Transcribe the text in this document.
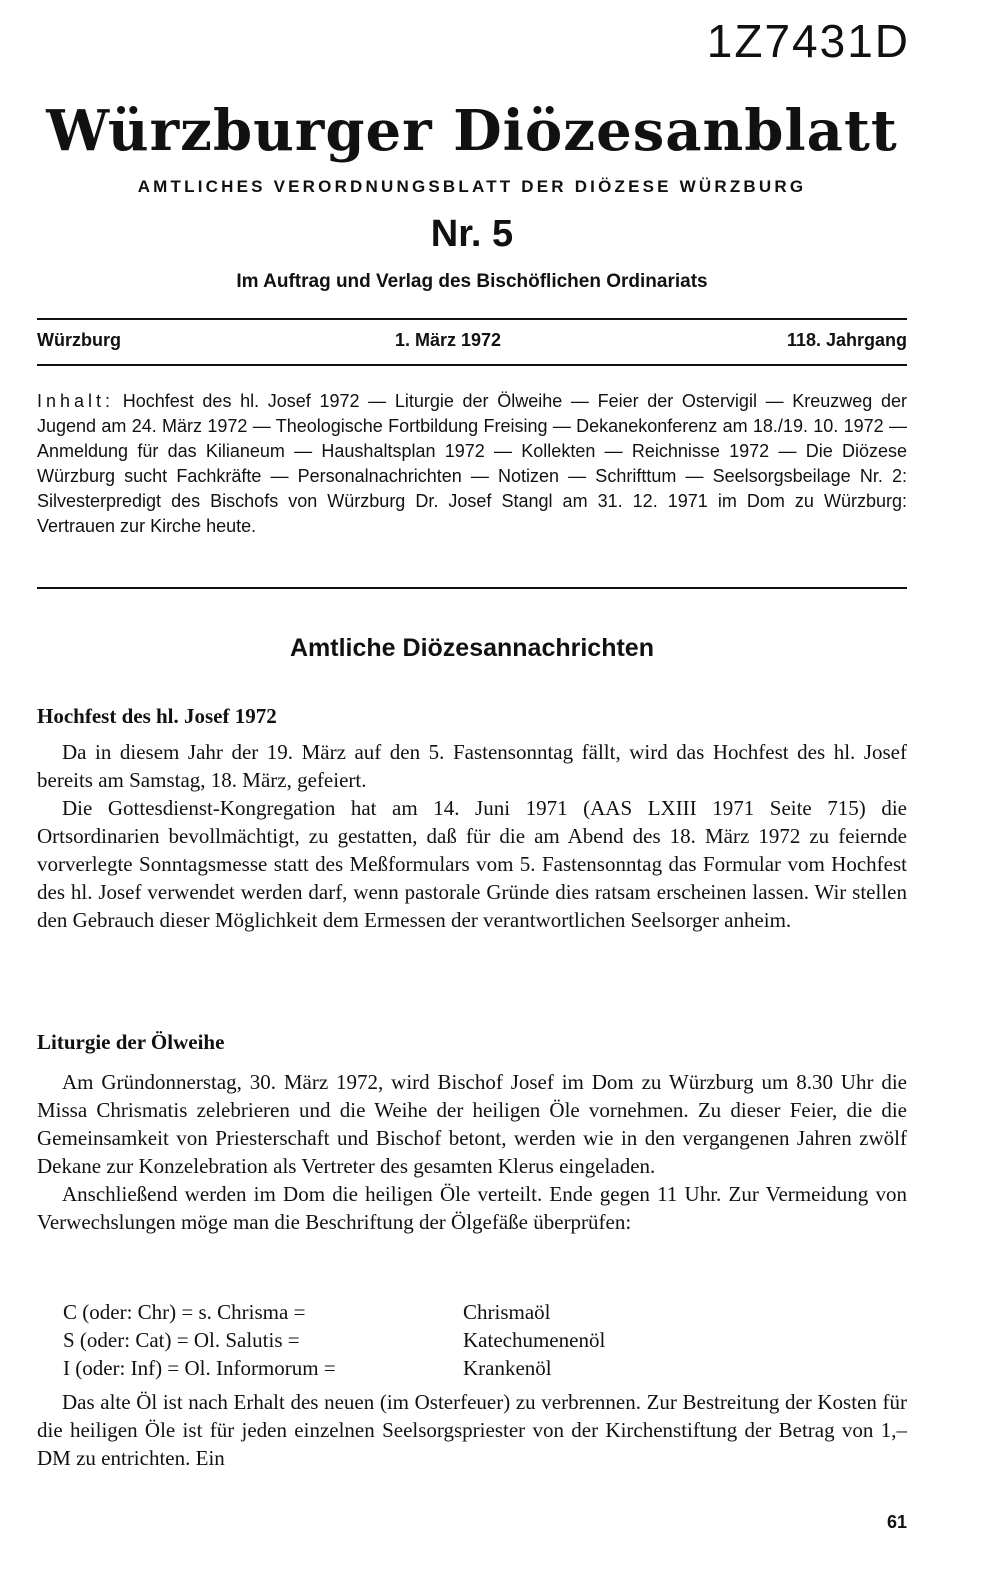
1Z7431D
Würzburger Diözesanblatt
AMTLICHES VERORDNUNGSBLATT DER DIÖZESE WÜRZBURG
Nr. 5
Im Auftrag und Verlag des Bischöflichen Ordinariats
Würzburg	1. März 1972	118. Jahrgang
Inhalt: Hochfest des hl. Josef 1972 — Liturgie der Ölweihe — Feier der Ostervigil — Kreuzweg der Jugend am 24. März 1972 — Theologische Fortbildung Freising — Dekanekonferenz am 18./19. 10. 1972 — Anmeldung für das Kilianeum — Haushaltsplan 1972 — Kollekten — Reichnisse 1972 — Die Diözese Würzburg sucht Fachkräfte — Personalnachrichten — Notizen — Schrifttum — Seelsorgsbeilage Nr. 2: Silvesterpredigt des Bischofs von Würzburg Dr. Josef Stangl am 31. 12. 1971 im Dom zu Würzburg: Vertrauen zur Kirche heute.
Amtliche Diözesannachrichten
Hochfest des hl. Josef 1972

Da in diesem Jahr der 19. März auf den 5. Fastensonntag fällt, wird das Hochfest des hl. Josef bereits am Samstag, 18. März, gefeiert.

Die Gottesdienst-Kongregation hat am 14. Juni 1971 (AAS LXIII 1971 Seite 715) die Ortsordinarien bevollmächtigt, zu gestatten, daß für die am Abend des 18. März 1972 zu feiernde vorverlegte Sonntagsmesse statt des Meßformulars vom 5. Fastensonntag das Formular vom Hochfest des hl. Josef verwendet werden darf, wenn pastorale Gründe dies ratsam erscheinen lassen. Wir stellen den Gebrauch dieser Möglichkeit dem Ermessen der verantwortlichen Seelsorger anheim.

Liturgie der Ölweihe

Am Gründonnerstag, 30. März 1972, wird Bischof Josef im Dom zu Würzburg um 8.30 Uhr die Missa Chrismatis zelebrieren und die Weihe der heiligen Öle vornehmen. Zu dieser Feier, die die Gemeinsamkeit von Priesterschaft und Bischof betont, werden wie in den vergangenen Jahren zwölf Dekane zur Konzelebration als Vertreter des gesamten Klerus eingeladen.

Anschließend werden im Dom die heiligen Öle verteilt. Ende gegen 11 Uhr. Zur Vermeidung von Verwechslungen möge man die Beschriftung der Ölgefäße überprüfen:

C (oder: Chr) = s. Chrisma =	Chrismaöl
S (oder: Cat) = Ol. Salutis =	Katechumenenöl
I (oder: Inf) = Ol. Informorum =	Krankenöl

Das alte Öl ist nach Erhalt des neuen (im Osterfeuer) zu verbrennen. Zur Bestreitung der Kosten für die heiligen Öle ist für jeden einzelnen Seelsorgspriester von der Kirchenstiftung der Betrag von 1,– DM zu entrichten. Ein

61
